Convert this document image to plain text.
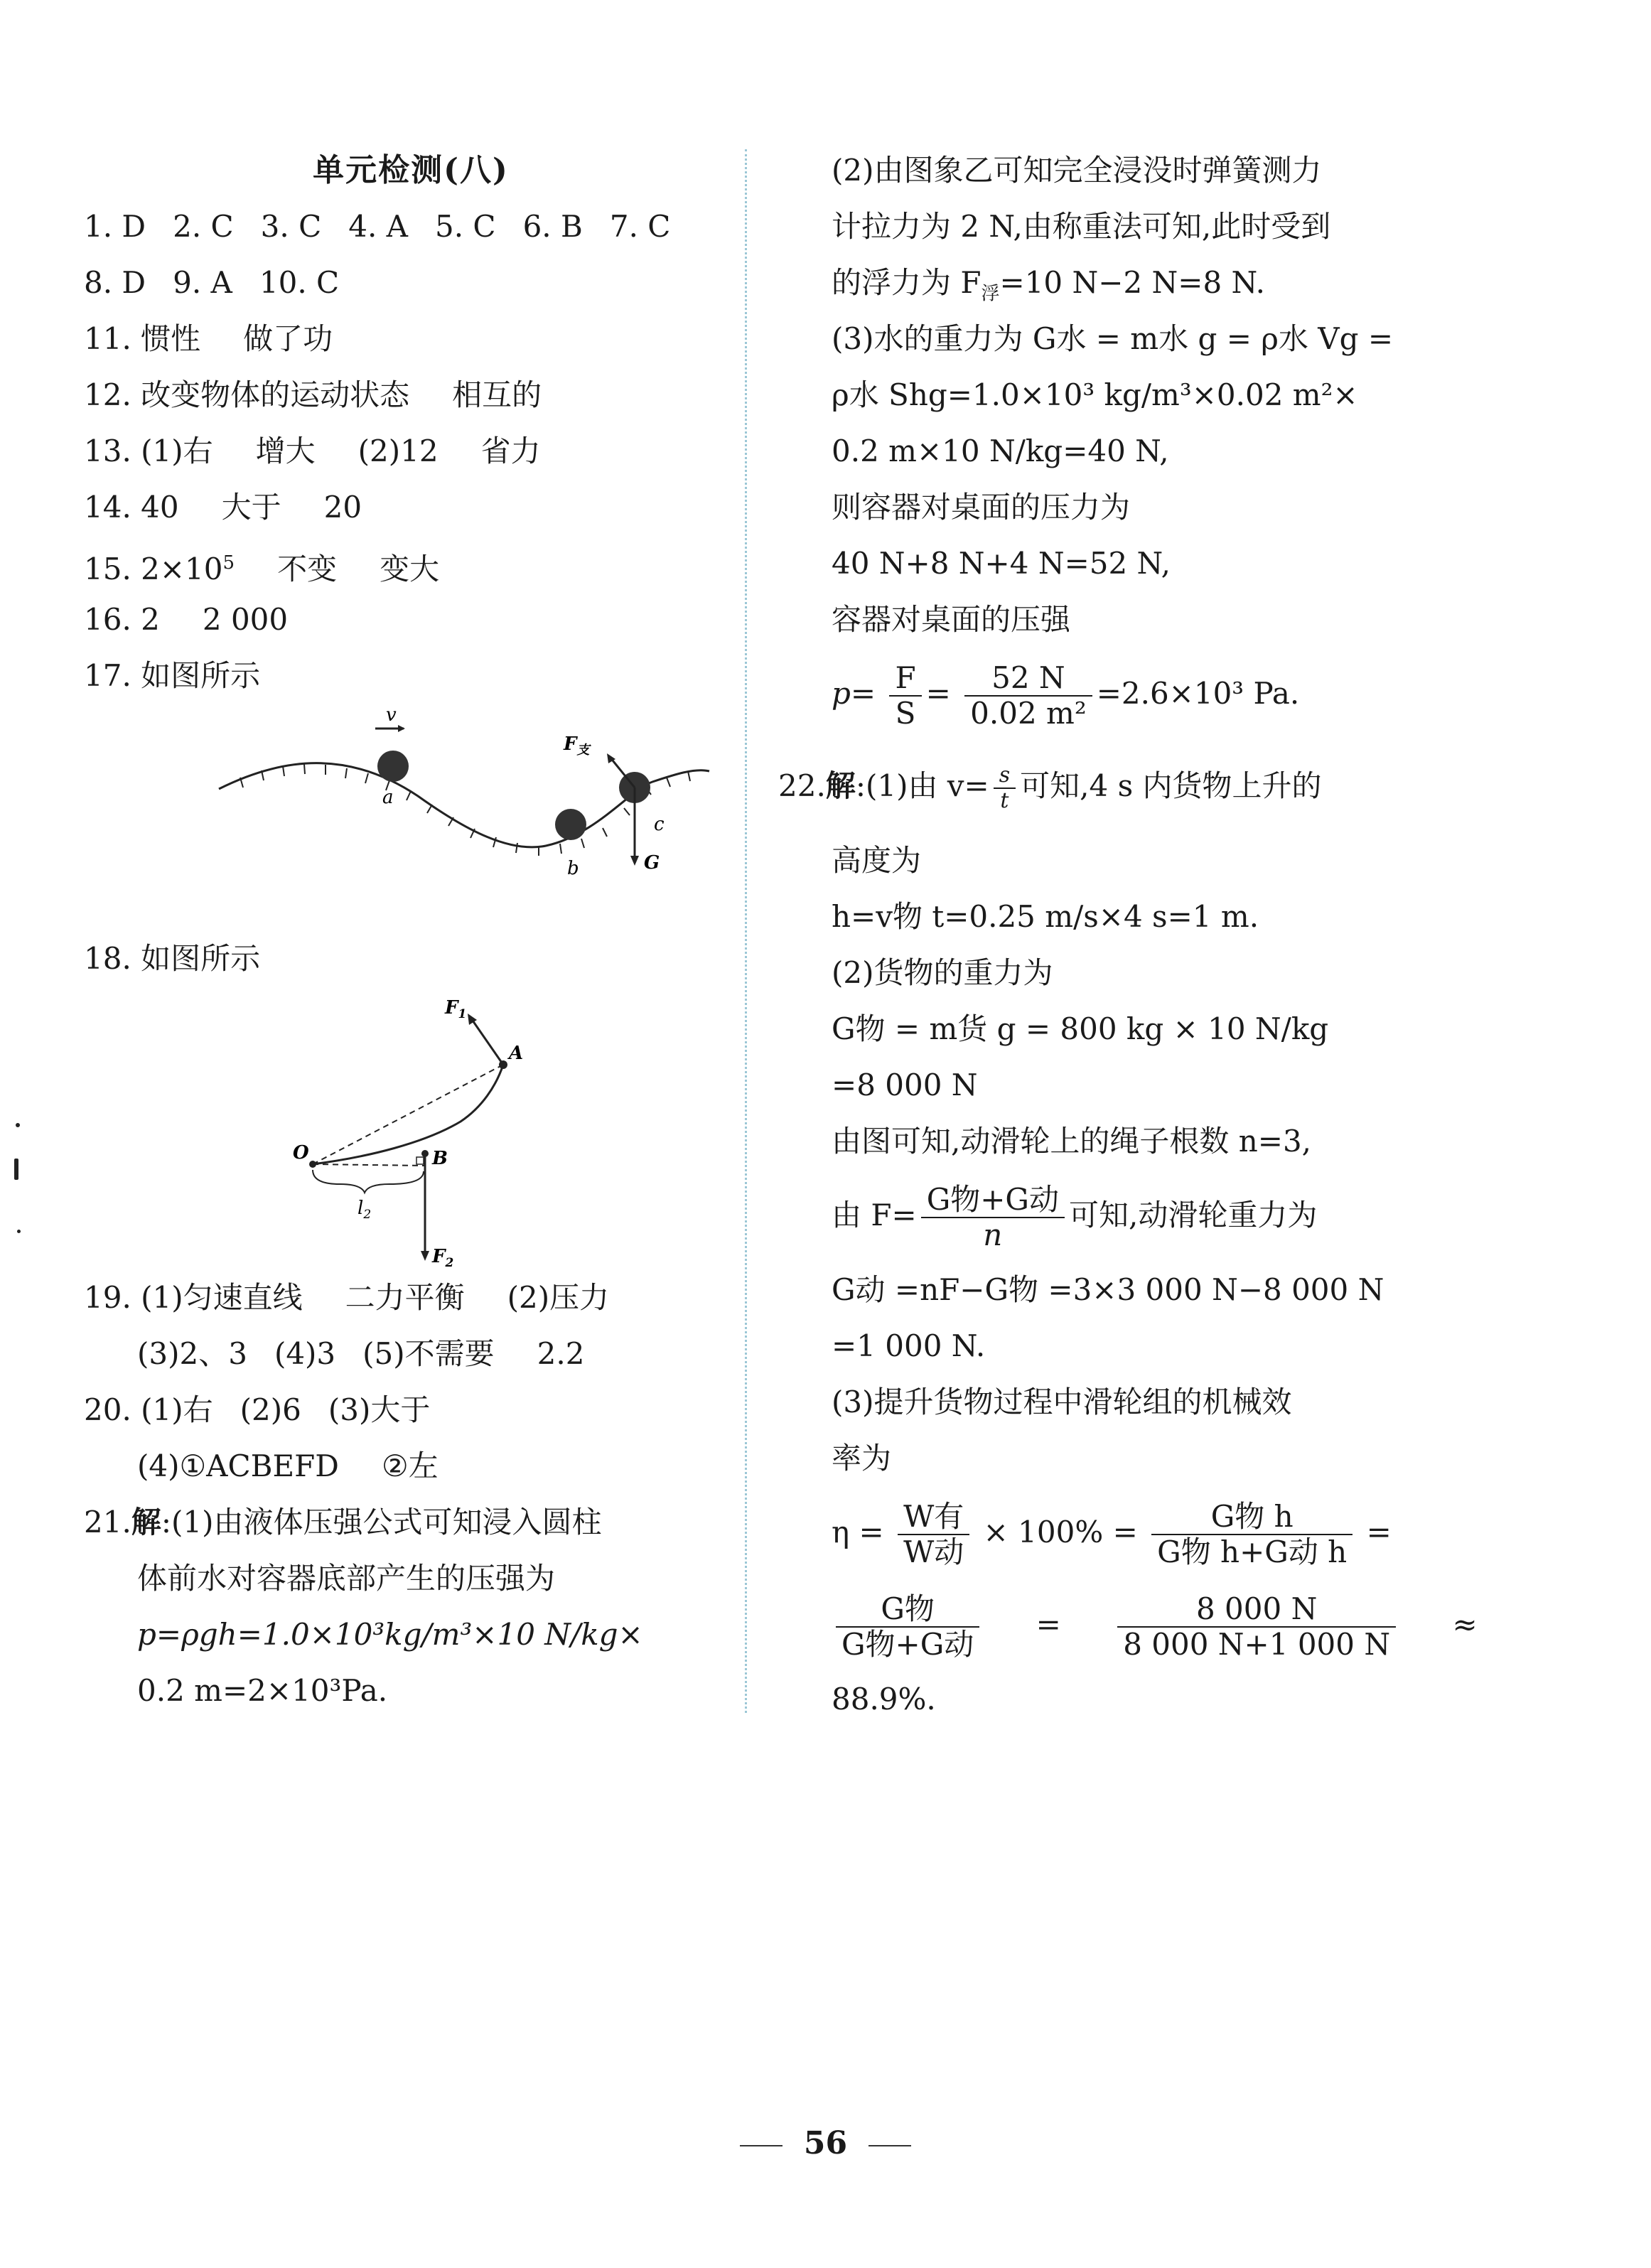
单元检测(八)
1. D 2. C 3. C 4. A 5. C 6. B 7. C
8. D 9. A 10. C
11. 惯性 做了功
12. 改变物体的运动状态 相互的
13. (1)右 增大 (2)12 省力
14. 40 大于 20
15. $2\times 10^5$ 不变 变大
16. 2 2 000
17. 如图所示
v
a
b
c
$F_支$
G
18. 如图所示
$F_1$
A
O	B
$l_2$
$F_2$
19. (1)匀速直线 二力平衡 (2)压力
(3)2、3 (4)3 (5)不需要 2.2
20. (1)右 (2)6 (3)大于
(4)①ACBEFD ②左
21.解:(1)由液体压强公式可知浸入圆柱
体前水对容器底部产生的压强为
p=ρgh=1.0×10³kg/m³×10 N/kg×
0.2 m=2×10³Pa.
(2)由图象乙可知完全浸没时弹簧测力
计拉力为 2 N,由称重法可知,此时受到
的浮力为 $F_浮=10$ N−2 N=8 N.
(3)水的重力为 G水 = m水 g = ρ水 Vg =
ρ水 Shg=1.0×10³ kg/m³×0.02 m²×
0.2 m×10 N/kg=40 N,
则容器对桌面的压力为
40 N+8 N+4 N=52 N,
容器对桌面的压强
$p= \frac{F}{S} = \frac{52 N}{\text{0.02 m²}} =2.6\times 10^3$ Pa.
22.解:(1)由 $v= \frac{s}{t}$ 可知,4 s 内货物上升的
高度为
h=v物 t=0.25 m/s×4 s=1 m.
(2)货物的重力为
G物 = m货 g = 800 kg × 10 N/kg
=8 000 N
由图可知,动滑轮上的绳子根数 n=3,
由 $F= \frac{\text{G物+G动}}{n}$ 可知,动滑轮重力为
G动 =nF−G物 =3×3 000 N−8 000 N
=1 000 N.
(3)提升货物过程中滑轮组的机械效
率为
$\eta = \frac{\text{W有}}{\text{W动}} \times 100\% = \frac{\text{G物 h}}{\text{G物 h+G动 h}}$ =
$\frac{\text{G物}}{\text{G物+G动}} = \frac{8 000 N}{8 000 N+1 000 N}$ ≈
88.9%.
56
